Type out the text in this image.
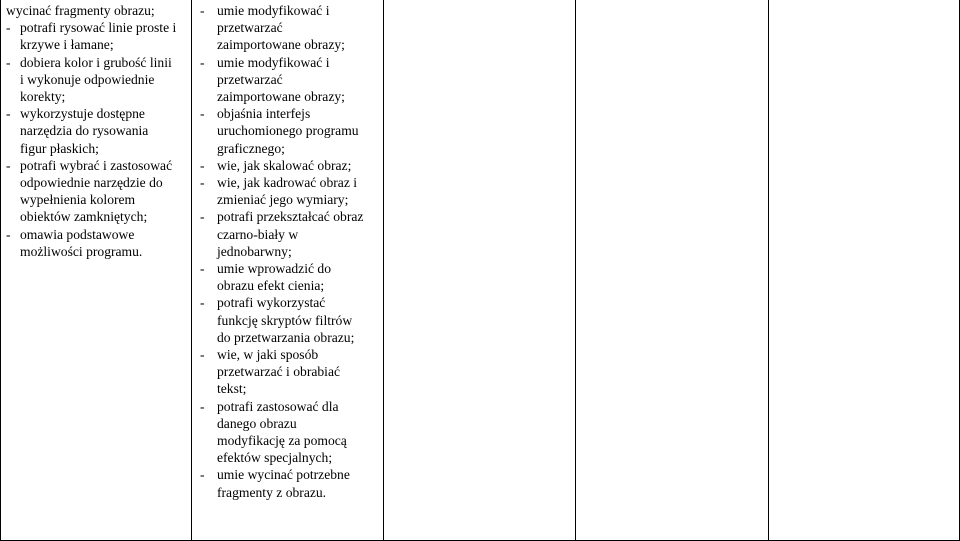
wycinać fragmenty obrazu;
- potrafi rysować linie proste i
krzywe i łamane;
- dobiera kolor i grubość linii
i wykonuje odpowiednie
korekty;
- wykorzystuje dostępne
narzędzia do rysowania
figur płaskich;
- potrafi wybrać i zastosować
odpowiednie narzędzie do
wypełnienia kolorem
obiektów zamkniętych;
- omawia podstawowe
możliwości programu.
- umie modyfikować i
przetwarzać
zaimportowane obrazy;
- umie modyfikować i
przetwarzać
zaimportowane obrazy;
- objaśnia interfejs
uruchomionego programu
graficznego;
- wie, jak skalować obraz;
- wie, jak kadrować obraz i
zmieniać jego wymiary;
- potrafi przekształcać obraz
czarno-biały w
jednobarwny;
- umie wprowadzić do
obrazu efekt cienia;
- potrafi wykorzystać
funkcję skryptów filtrów
do przetwarzania obrazu;
- wie, w jaki sposób
przetwarzać i obrabiać
tekst;
- potrafi zastosować dla
danego obrazu
modyfikację za pomocą
efektów specjalnych;
- umie wycinać potrzebne
fragmenty z obrazu.
